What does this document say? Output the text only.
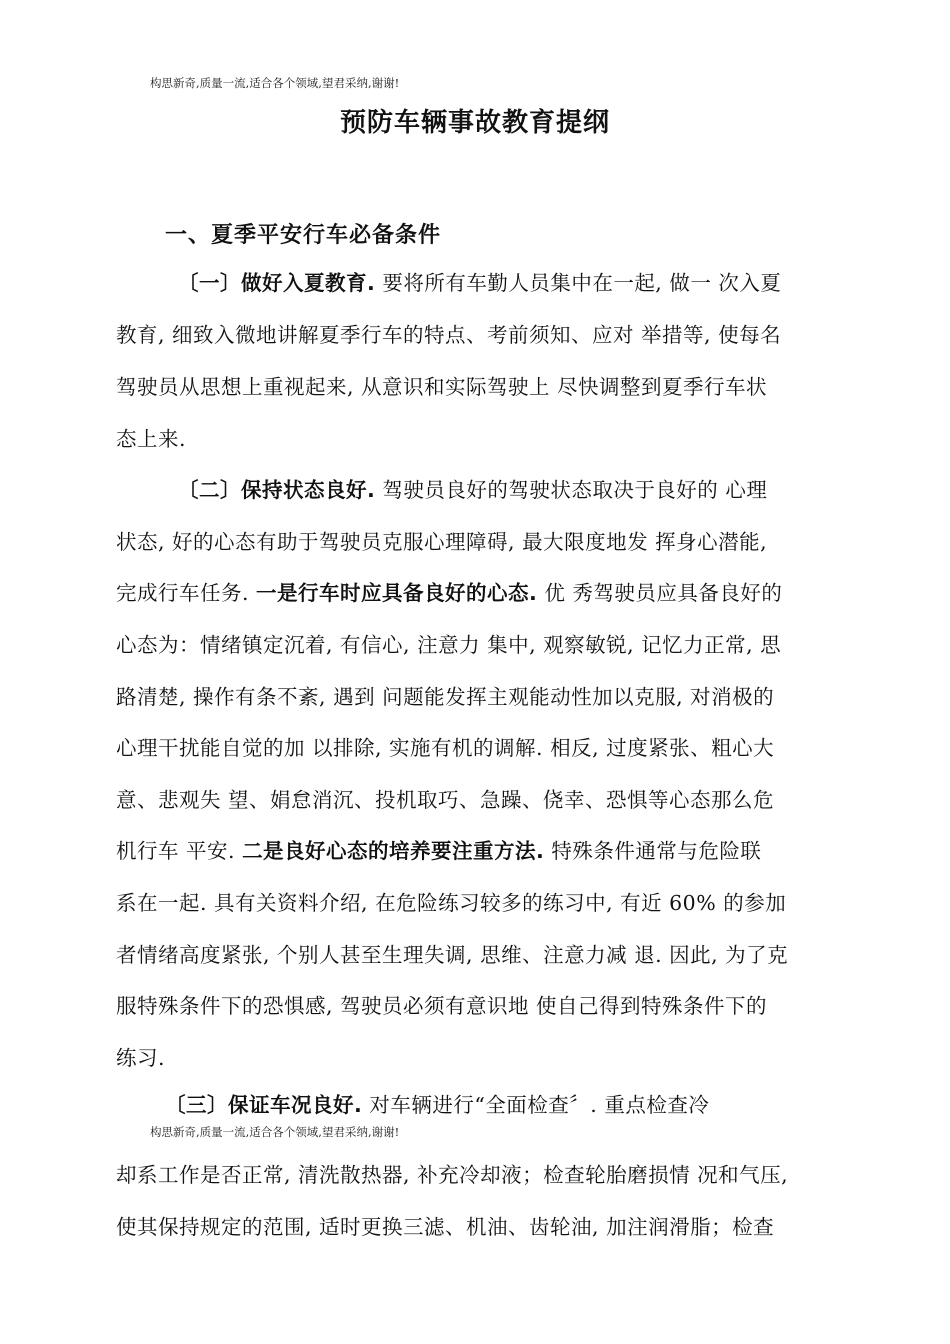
构思新奇,质量一流,适合各个领域,望君采纳,谢谢!
预防车辆事故教育提纲
一、夏季平安行车必备条件
〔一〕做好入夏教育. 要将所有车勤人员集中在一起, 做一 次入夏
教育, 细致入微地讲解夏季行车的特点、考前须知、应对 举措等, 使每名
驾驶员从思想上重视起来, 从意识和实际驾驶上 尽快调整到夏季行车状
态上来.
〔二〕保持状态良好. 驾驶员良好的驾驶状态取决于良好的 心理
状态, 好的心态有助于驾驶员克服心理障碍, 最大限度地发 挥身心潜能,
完成行车任务. 一是行车时应具备良好的心态. 优 秀驾驶员应具备良好的
心态为：情绪镇定沉着, 有信心, 注意力 集中, 观察敏锐, 记忆力正常, 思
路清楚, 操作有条不紊, 遇到 问题能发挥主观能动性加以克服, 对消极的
心理干扰能自觉的加 以排除, 实施有机的调解. 相反, 过度紧张、粗心大
意、悲观失 望、娟怠消沉、投机取巧、急躁、侥幸、恐惧等心态那么危
机行车 平安. 二是良好心态的培养要注重方法. 特殊条件通常与危险联
系在一起. 具有关资料介绍, 在危险练习较多的练习中, 有近 60% 的参加
者情绪高度紧张, 个别人甚至生理失调, 思维、注意力减 退. 因此, 为了克
服特殊条件下的恐惧感, 驾驶员必须有意识地 使自己得到特殊条件下的
练习.
〔三〕保证车况良好. 对车辆进行“全面检查〞. 重点检查冷
却系工作是否正常, 清洗散热器, 补充冷却液；检查轮胎磨损情 况和气压,
使其保持规定的范围, 适时更换三滤、机油、齿轮油, 加注润滑脂；检查
构思新奇,质量一流,适合各个领域,望君采纳,谢谢!
